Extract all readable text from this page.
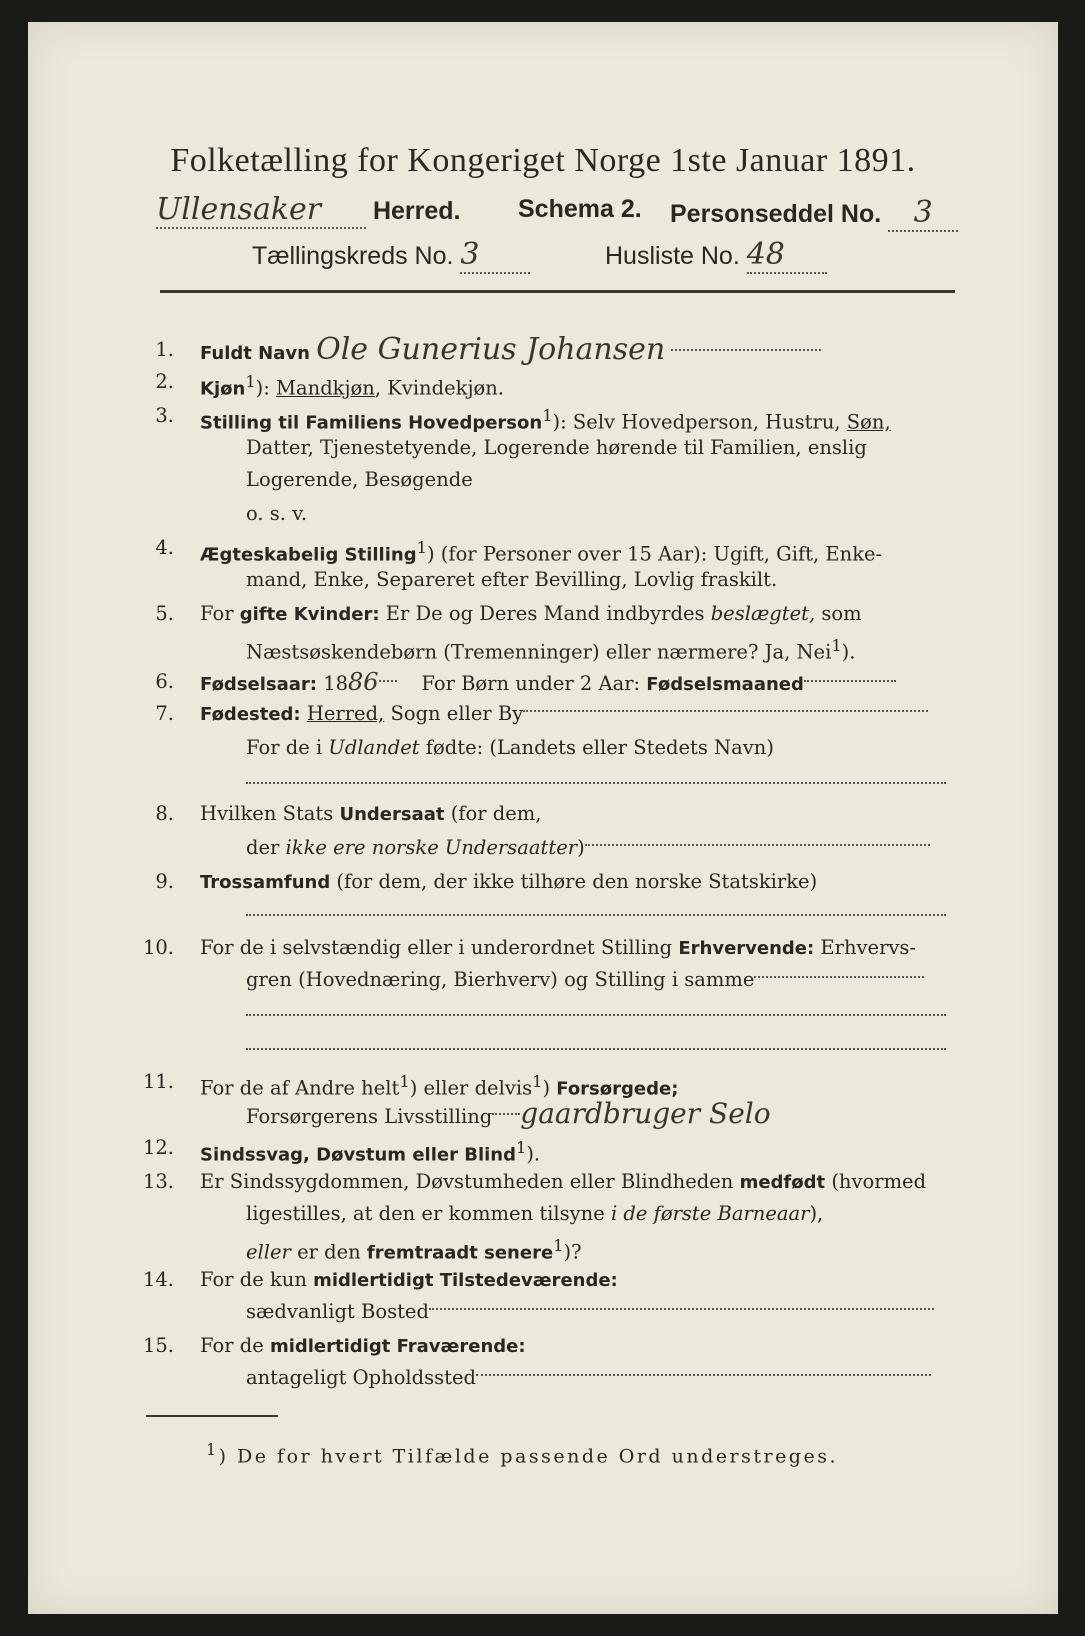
Folketælling for Kongeriget Norge 1ste Januar 1891.
Ullensaker Herred. Schema 2. Personseddel No. 3
Tællingskreds No. 3	Husliste No. 48
1. Fuldt Navn Ole Gunerius Johansen
2. Kjøn$^1$): Mandkjøn, Kvindekjøn.
3. Stilling til Familiens Hovedperson$^1$): Selv Hovedperson, Hustru, Søn,
Datter, Tjenestetyende, Logerende hørende til Familien, enslig
Logerende, Besøgende
o. s. v.
4. Ægteskabelig Stilling$^1$) (for Personer over 15 Aar): Ugift, Gift, Enke-
mand, Enke, Separeret efter Bevilling, Lovlig fraskilt.
5. For gifte Kvinder: Er De og Deres Mand indbyrdes beslægtet, som
Næstsøskendebørn (Tremenninger) eller nærmere? Ja, Nei$^1$).
6. Fødselsaar: 1886 For Børn under 2 Aar: Fødselsmaaned
7. Fødested: Herred, Sogn eller By
For de i Udlandet fødte: (Landets eller Stedets Navn)
8. Hvilken Stats Undersaat (for dem,
der ikke ere norske Undersaatter)
9. Trossamfund (for dem, der ikke tilhøre den norske Statskirke)
10. For de i selvstændig eller i underordnet Stilling Erhvervende: Erhvervs-
gren (Hovednæring, Bierhverv) og Stilling i samme
11. For de af Andre helt$^1$) eller delvis$^1$) Forsørgede;
Forsørgerens Livsstilling gaardbruger Selo
12. Sindssvag, Døvstum eller Blind$^1$).
13. Er Sindssygdommen, Døvstumheden eller Blindheden medfødt (hvormed
ligestilles, at den er kommen tilsyne i de første Barneaar),
eller er den fremtraadt senere$^1$)?
14. For de kun midlertidigt Tilstedeværende:
sædvanligt Bosted
15. For de midlertidigt Fraværende:
antageligt Opholdssted
$^1$) De for hvert Tilfælde passende Ord understreges.
